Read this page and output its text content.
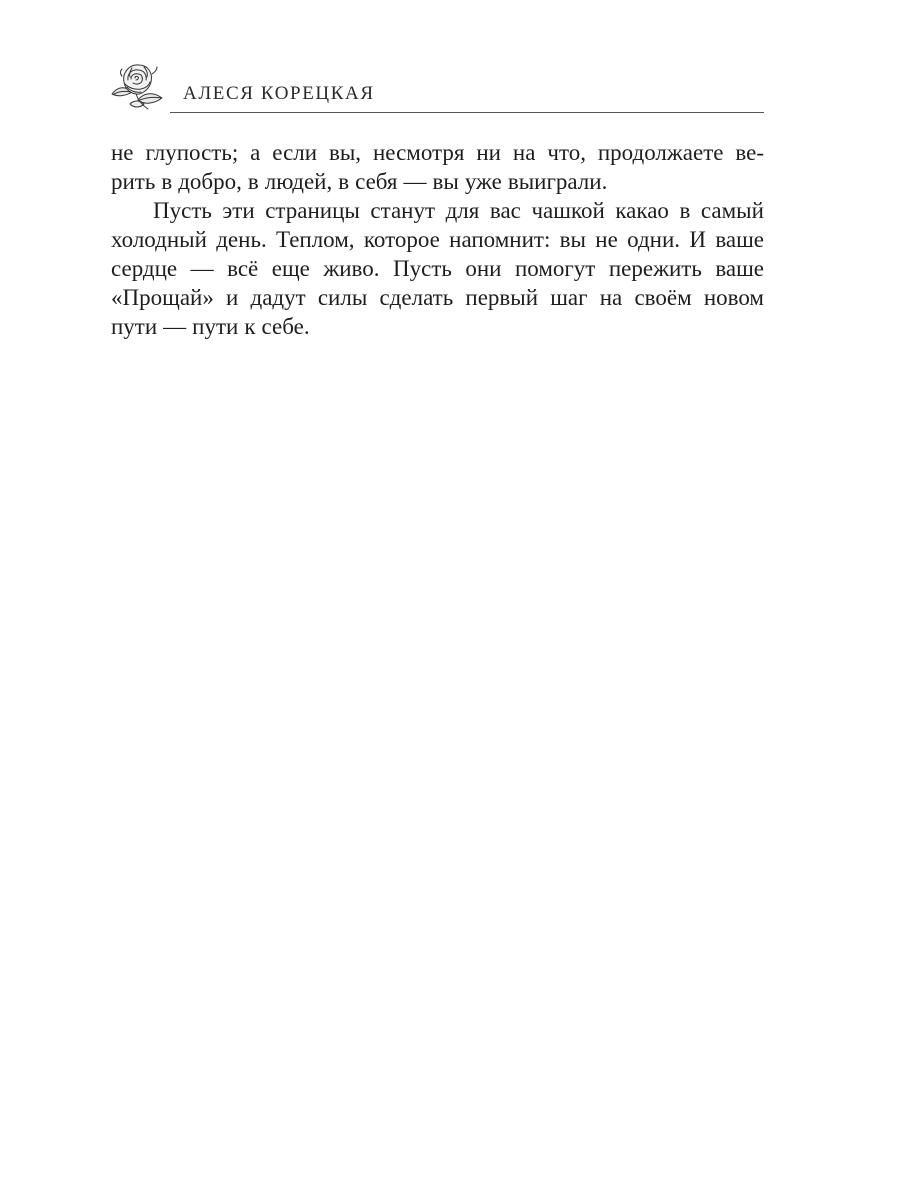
АЛЕСЯ КОРЕЦКАЯ
не глупость; а если вы, несмотря ни на что, продолжаете ве-
рить в добро, в людей, в себя — вы уже выиграли.
Пусть эти страницы станут для вас чашкой какао в самый
холодный день. Теплом, которое напомнит: вы не одни. И ваше
сердце — всё еще живо. Пусть они помогут пережить ваше
«Прощай» и дадут силы сделать первый шаг на своём новом
пути — пути к себе.
